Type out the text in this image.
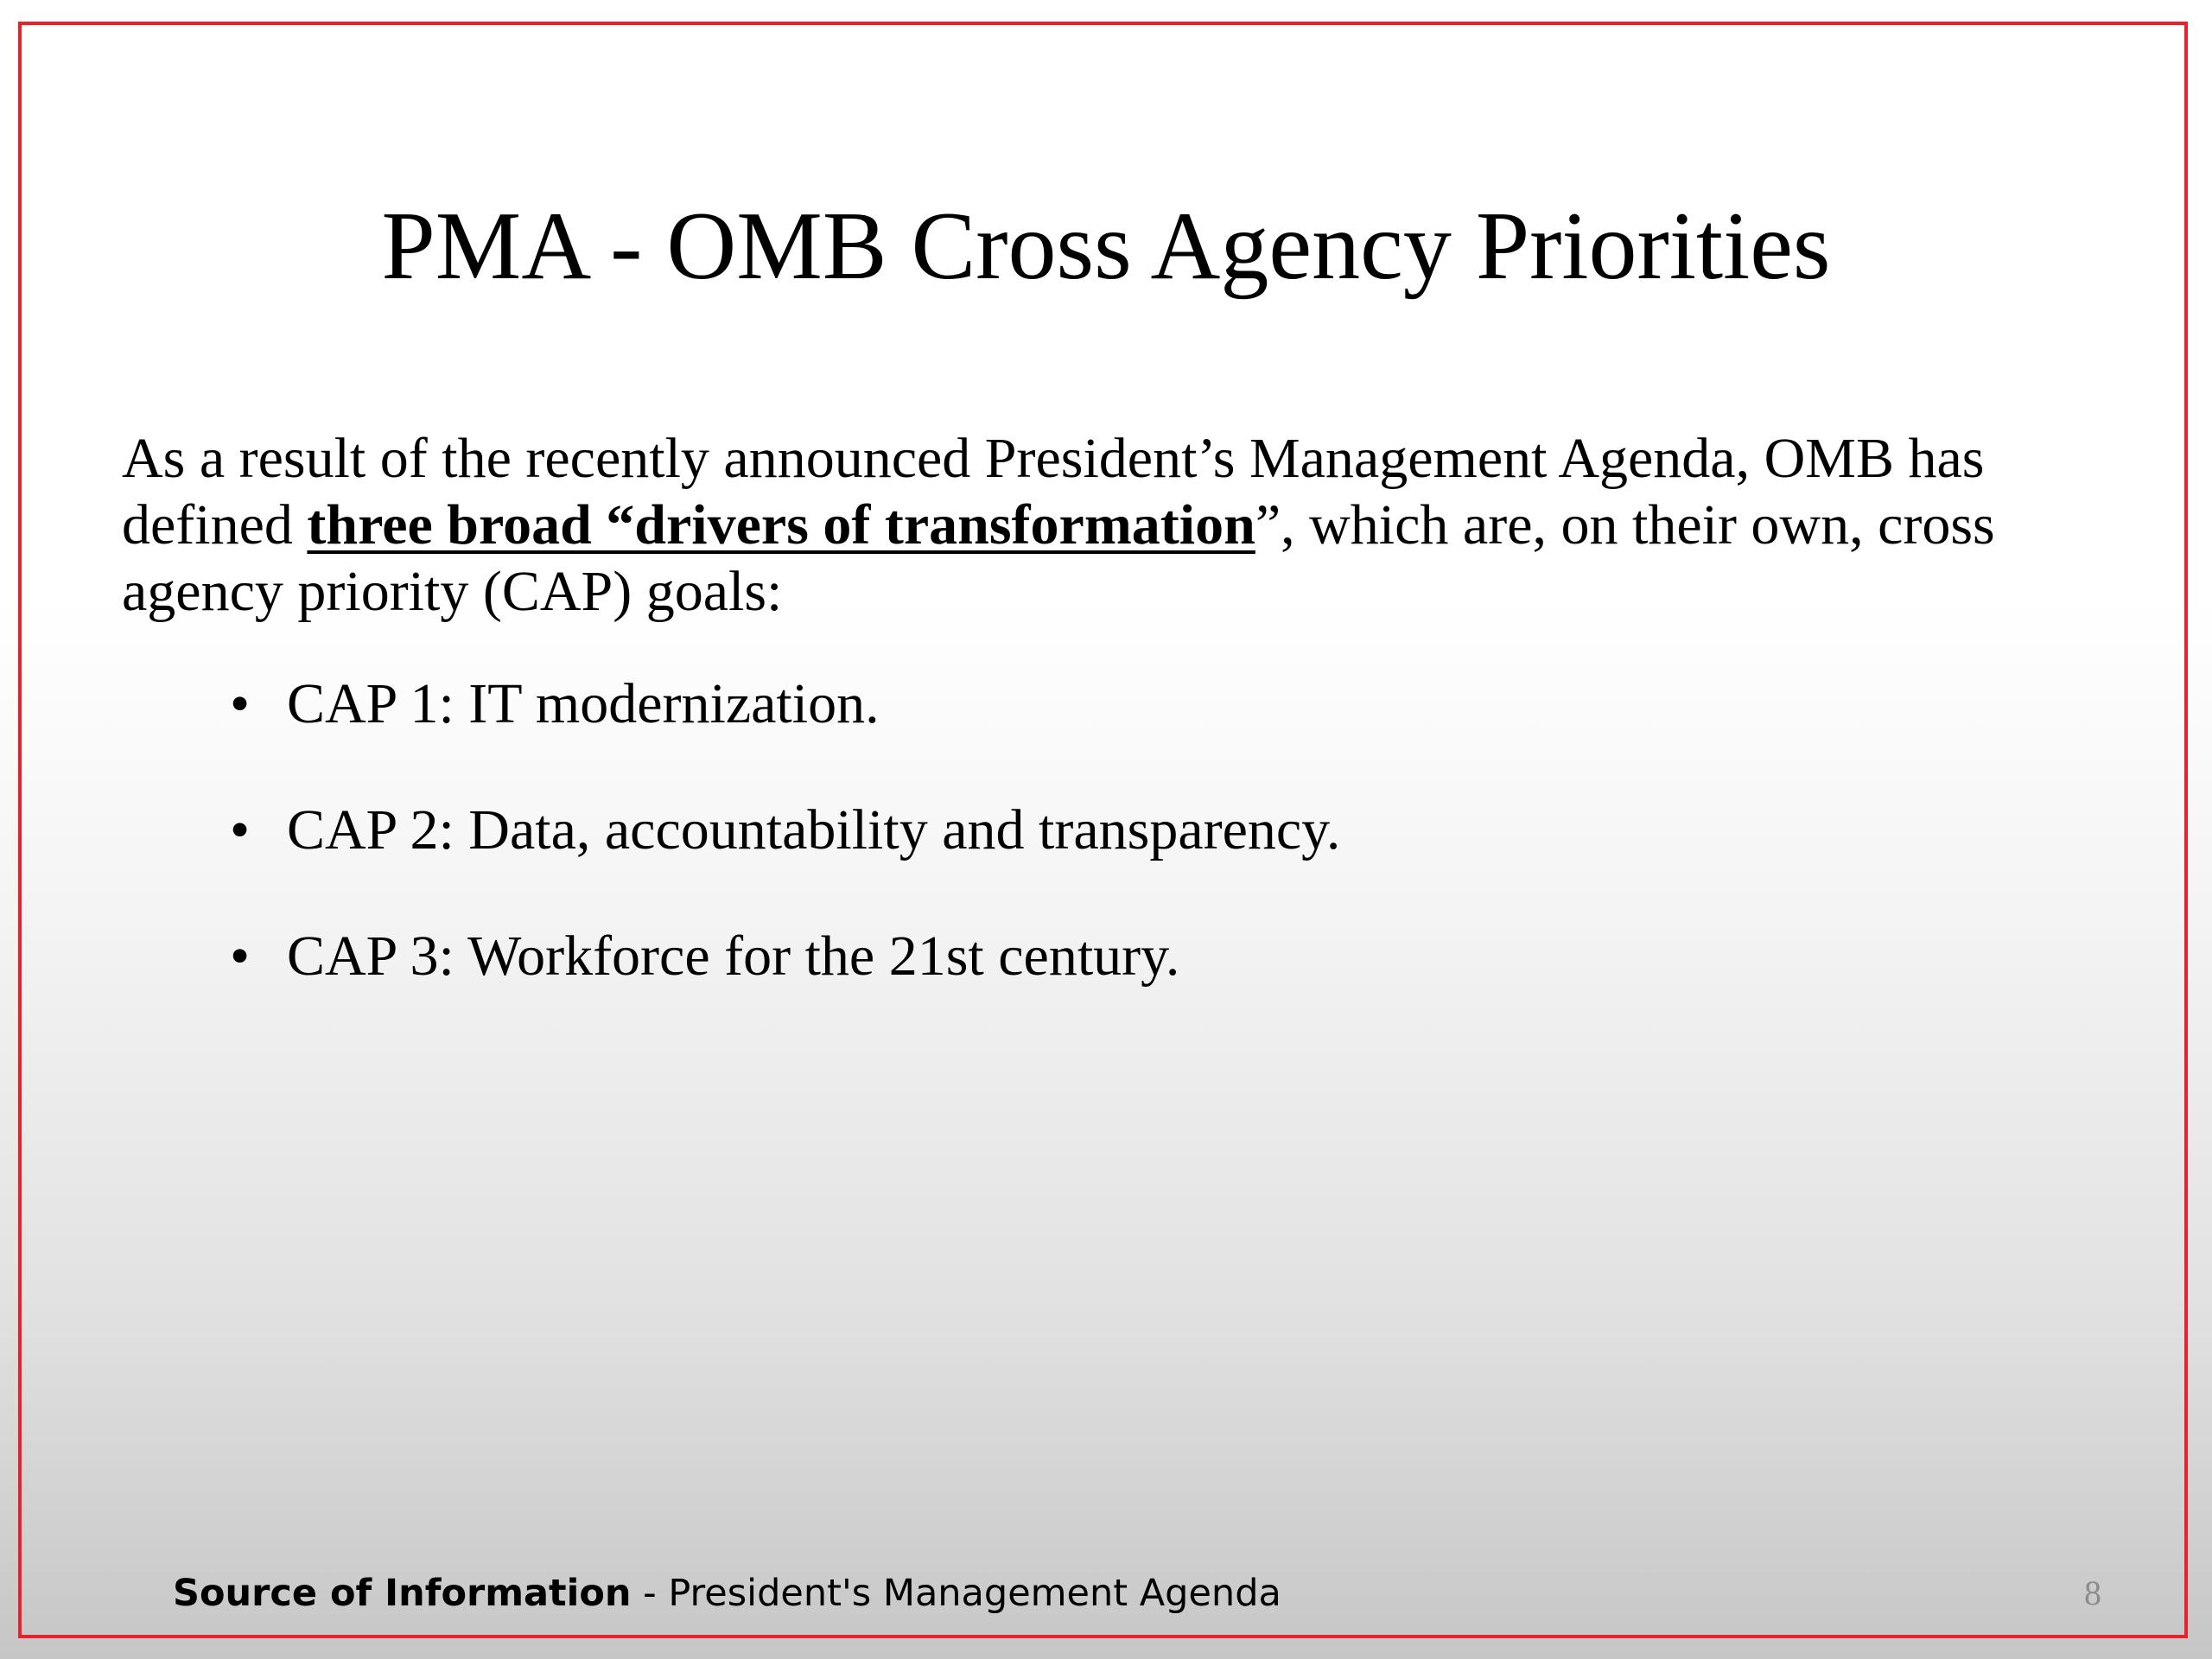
PMA - OMB Cross Agency Priorities
As a result of the recently announced President’s Management Agenda, OMB has defined three broad “drivers of transformation”, which are, on their own, cross agency priority (CAP) goals:
• CAP 1: IT modernization.
• CAP 2: Data, accountability and transparency.
• CAP 3: Workforce for the 21st century.
Source of Information - President's Management Agenda	8
